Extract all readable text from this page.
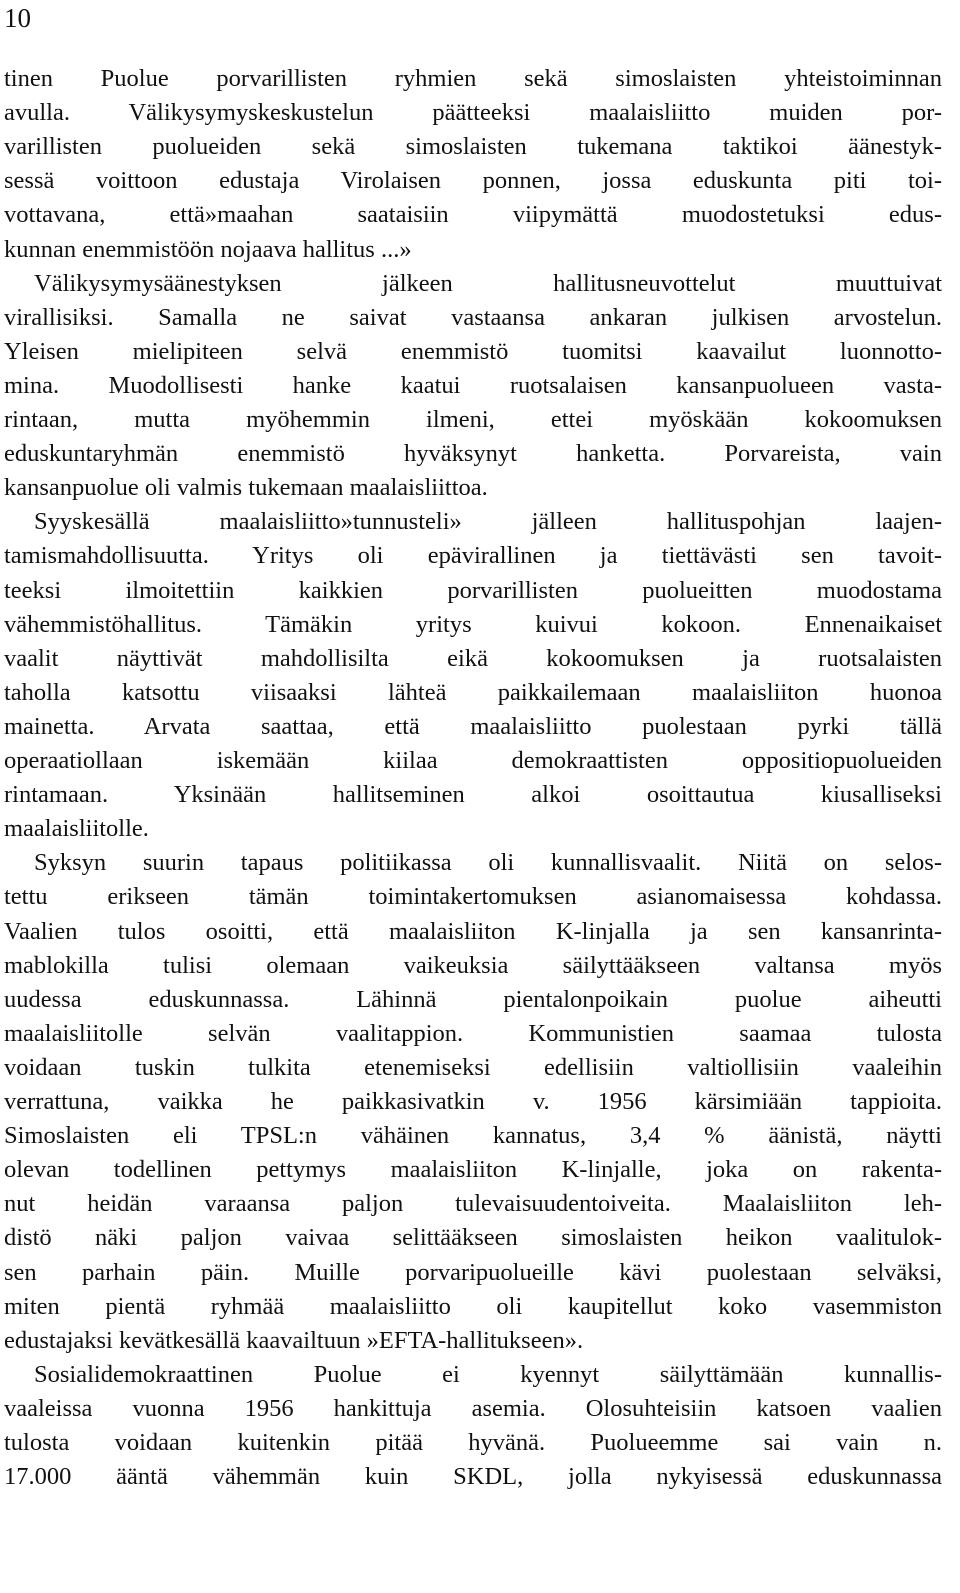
10
tinen Puolue porvarillisten ryhmien sekä simoslaisten yhteistoiminnan
avulla. Välikysymyskeskustelun päätteeksi maalaisliitto muiden por-
varillisten puolueiden sekä simoslaisten tukemana taktikoi äänestyk-
sessä voittoon edustaja Virolaisen ponnen, jossa eduskunta piti toi-
vottavana, että»maahan saataisiin viipymättä muodostetuksi edus-
kunnan enemmistöön nojaava hallitus ...»
Välikysymysäänestyksen jälkeen hallitusneuvottelut muuttuivat
virallisiksi. Samalla ne saivat vastaansa ankaran julkisen arvostelun.
Yleisen mielipiteen selvä enemmistö tuomitsi kaavailut luonnotto-
mina. Muodollisesti hanke kaatui ruotsalaisen kansanpuolueen vasta-
rintaan, mutta myöhemmin ilmeni, ettei myöskään kokoomuksen
eduskuntaryhmän enemmistö hyväksynyt hanketta. Porvareista, vain
kansanpuolue oli valmis tukemaan maalaisliittoa.
Syyskesällä maalaisliitto»tunnusteli» jälleen hallituspohjan laajen-
tamismahdollisuutta. Yritys oli epävirallinen ja tiettävästi sen tavoit-
teeksi ilmoitettiin kaikkien porvarillisten puolueitten muodostama
vähemmistöhallitus. Tämäkin yritys kuivui kokoon. Ennenaikaiset
vaalit näyttivät mahdollisilta eikä kokoomuksen ja ruotsalaisten
taholla katsottu viisaaksi lähteä paikkailemaan maalaisliiton huonoa
mainetta. Arvata saattaa, että maalaisliitto puolestaan pyrki tällä
operaatiollaan iskemään kiilaa demokraattisten oppositiopuolueiden
rintamaan. Yksinään hallitseminen alkoi osoittautua kiusalliseksi
maalaisliitolle.
Syksyn suurin tapaus politiikassa oli kunnallisvaalit. Niitä on selos-
tettu erikseen tämän toimintakertomuksen asianomaisessa kohdassa.
Vaalien tulos osoitti, että maalaisliiton K-linjalla ja sen kansanrinta-
mablokilla tulisi olemaan vaikeuksia säilyttääkseen valtansa myös
uudessa eduskunnassa. Lähinnä pientalonpoikain puolue aiheutti
maalaisliitolle selvän vaalitappion. Kommunistien saamaa tulosta
voidaan tuskin tulkita etenemiseksi edellisiin valtiollisiin vaaleihin
verrattuna, vaikka he paikkasivatkin v. 1956 kärsimiään tappioita.
Simoslaisten eli TPSL:n vähäinen kannatus, 3,4 % äänistä, näytti
olevan todellinen pettymys maalaisliiton K-linjalle, joka on rakenta-
nut heidän varaansa paljon tulevaisuudentoiveita. Maalaisliiton leh-
distö näki paljon vaivaa selittääkseen simoslaisten heikon vaalitulok-
sen parhain päin. Muille porvaripuolueille kävi puolestaan selväksi,
miten pientä ryhmää maalaisliitto oli kaupitellut koko vasemmiston
edustajaksi kevätkesällä kaavailtuun »EFTA-hallitukseen».
Sosialidemokraattinen Puolue ei kyennyt säilyttämään kunnallis-
vaaleissa vuonna 1956 hankittuja asemia. Olosuhteisiin katsoen vaalien
tulosta voidaan kuitenkin pitää hyvänä. Puolueemme sai vain n.
17.000 ääntä vähemmän kuin SKDL, jolla nykyisessä eduskunnassa
